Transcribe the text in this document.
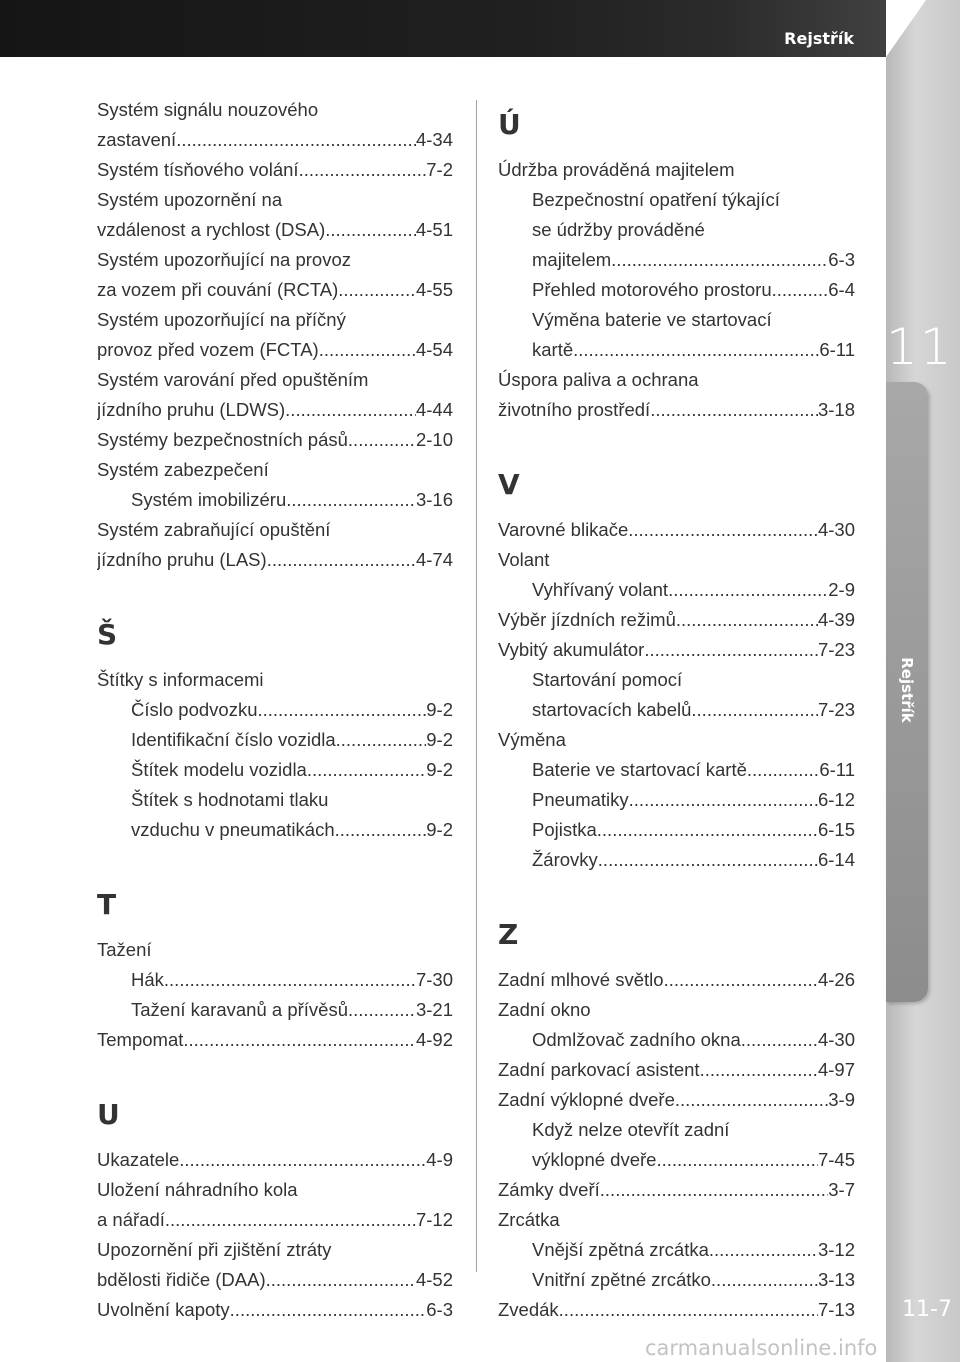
Rejstřík
11
Rejstřík
11-7
Systém signálu nouzového
zastavení .....	4-34
Systém tísňového volání .....	7-2
Systém upozornění na
vzdálenost a rychlost (DSA) .....	4-51
Systém upozorňující na provoz
za vozem při couvání (RCTA) .....	4-55
Systém upozorňující na příčný
provoz před vozem (FCTA) .....	4-54
Systém varování před opuštěním
jízdního pruhu (LDWS) .....	4-44
Systémy bezpečnostních pásů .....	2-10
Systém zabezpečení
Systém imobilizéru .....	3-16
Systém zabraňující opuštění
jízdního pruhu (LAS) .....	4-74
Š
Štítky s informacemi
Číslo podvozku .....	9-2
Identifikační číslo vozidla .....	9-2
Štítek modelu vozidla .....	9-2
Štítek s hodnotami tlaku
vzduchu v pneumatikách .....	9-2
T
Tažení
Hák .....	7-30
Tažení karavanů a přívěsů .....	3-21
Tempomat .....	4-92
U
Ukazatele .....	4-9
Uložení náhradního kola
a nářadí .....	7-12
Upozornění při zjištění ztráty
bdělosti řidiče (DAA) .....	4-52
Uvolnění kapoty .....	6-3
Ú
Údržba prováděná majitelem
Bezpečnostní opatření týkající
se údržby prováděné
majitelem .....	6-3
Přehled motorového prostoru .....	6-4
Výměna baterie ve startovací
kartě .....	6-11
Úspora paliva a ochrana
životního prostředí .....	3-18
V
Varovné blikače .....	4-30
Volant
Vyhřívaný volant .....	2-9
Výběr jízdních režimů .....	4-39
Vybitý akumulátor .....	7-23
Startování pomocí
startovacích kabelů .....	7-23
Výměna
Baterie ve startovací kartě .....	6-11
Pneumatiky .....	6-12
Pojistka .....	6-15
Žárovky .....	6-14
Z
Zadní mlhové světlo .....	4-26
Zadní okno
Odmlžovač zadního okna .....	4-30
Zadní parkovací asistent .....	4-97
Zadní výklopné dveře .....	3-9
Když nelze otevřít zadní
výklopné dveře .....	7-45
Zámky dveří .....	3-7
Zrcátka
Vnější zpětná zrcátka .....	3-12
Vnitřní zpětné zrcátko .....	3-13
Zvedák .....	7-13
carmanualsonline.info
